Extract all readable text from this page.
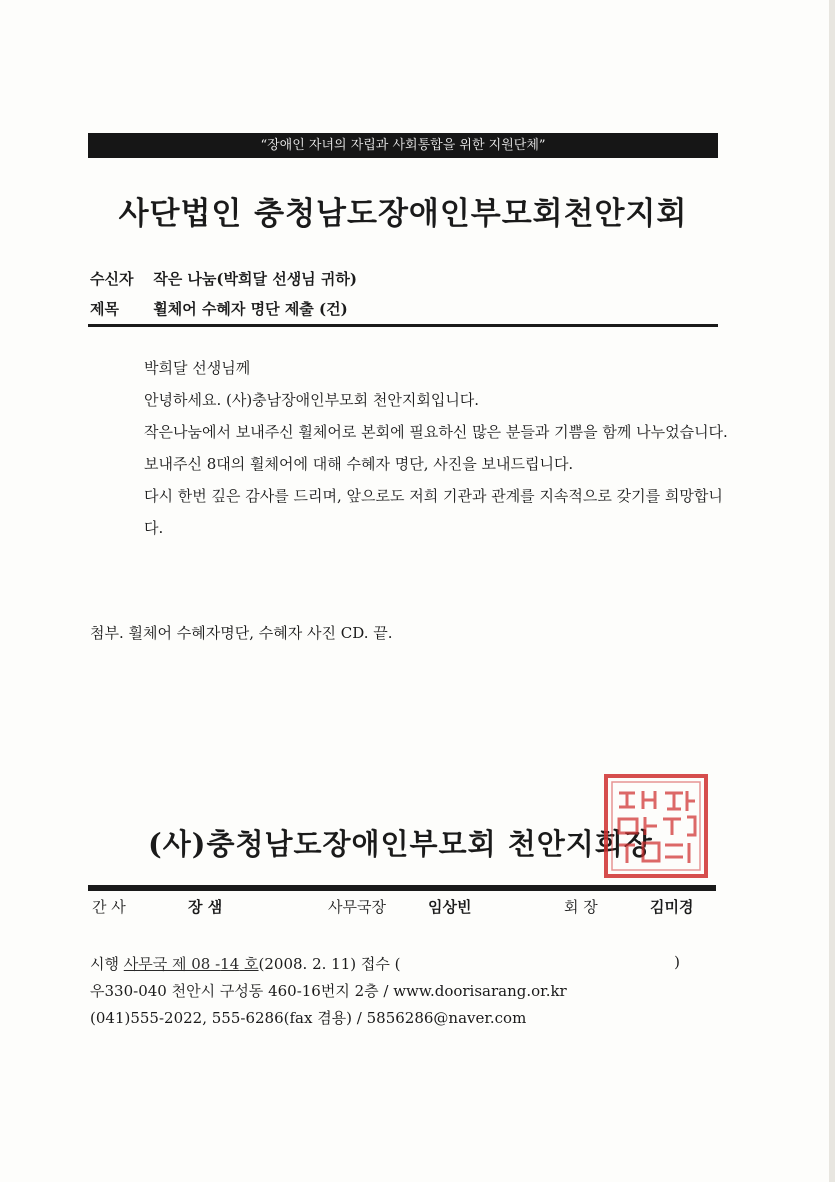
“장애인 자녀의 자립과 사회통합을 위한 지원단체”
사단법인 충청남도장애인부모회천안지회
수신자 작은 나눔(박희달 선생님 귀하)
제목 휠체어 수혜자 명단 제출 (건)

박희달 선생님께

안녕하세요. (사)충남장애인부모회 천안지회입니다.

작은나눔에서 보내주신 휠체어로 본회에 필요하신 많은 분들과 기쁨을 함께 나누었습니다.

보내주신 8대의 휠체어에 대해 수혜자 명단, 사진을 보내드립니다.

다시 한번 깊은 감사를 드리며, 앞으로도 저희 기관과 관계를 지속적으로 갖기를 희망합니다.

첨부. 휠체어 수혜자명단, 수혜자 사진 CD. 끝.
(사)충청남도장애인부모회 천안지회장
간 사	장 샘	사무국장	임상빈	회 장	김미경
시행 사무국 제 08 -14 호(2008. 2. 11) 접수 (	)
우330-040 천안시 구성동 460-16번지 2층 / www.doorisarang.or.kr
(041)555-2022, 555-6286(fax 겸용) / 5856286@naver.com
